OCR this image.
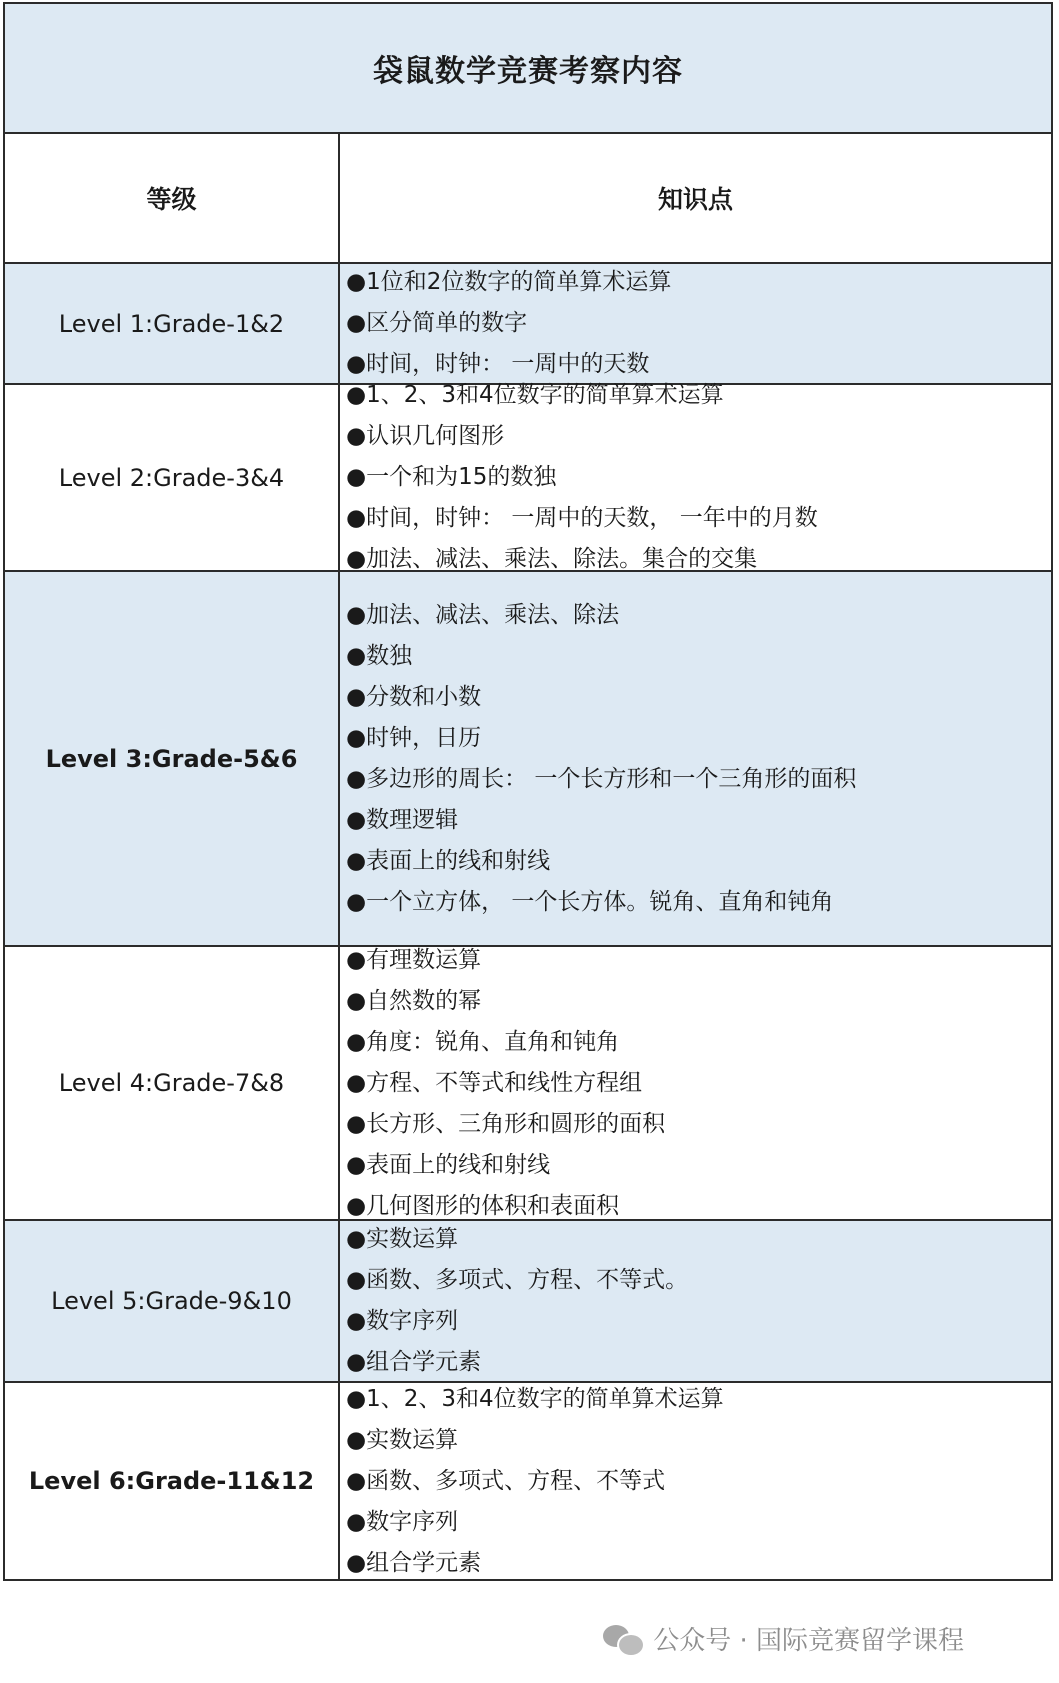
袋鼠数学竞赛考察内容
等级	知识点
Level 1:Grade-1&2
●1位和2位数字的简单算术运算
●区分简单的数字
●时间，时钟： 一周中的天数
Level 2:Grade-3&4
●1、2、3和4位数字的简单算术运算
●认识几何图形
●一个和为15的数独
●时间，时钟： 一周中的天数， 一年中的月数
●加法、减法、乘法、除法。集合的交集
Level 3:Grade-5&6
●加法、减法、乘法、除法
●数独
●分数和小数
●时钟，日历
●多边形的周长： 一个长方形和一个三角形的面积
●数理逻辑
●表面上的线和射线
●一个立方体， 一个长方体。锐角、直角和钝角
Level 4:Grade-7&8
●有理数运算
●自然数的幂
●角度：锐角、直角和钝角
●方程、不等式和线性方程组
●长方形、三角形和圆形的面积
●表面上的线和射线
●几何图形的体积和表面积
Level 5:Grade-9&10
●实数运算
●函数、多项式、方程、不等式。
●数字序列
●组合学元素
Level 6:Grade-11&12
●1、2、3和4位数字的简单算术运算
●实数运算
●函数、多项式、方程、不等式
●数字序列
●组合学元素
公众号 · 国际竞赛留学课程
